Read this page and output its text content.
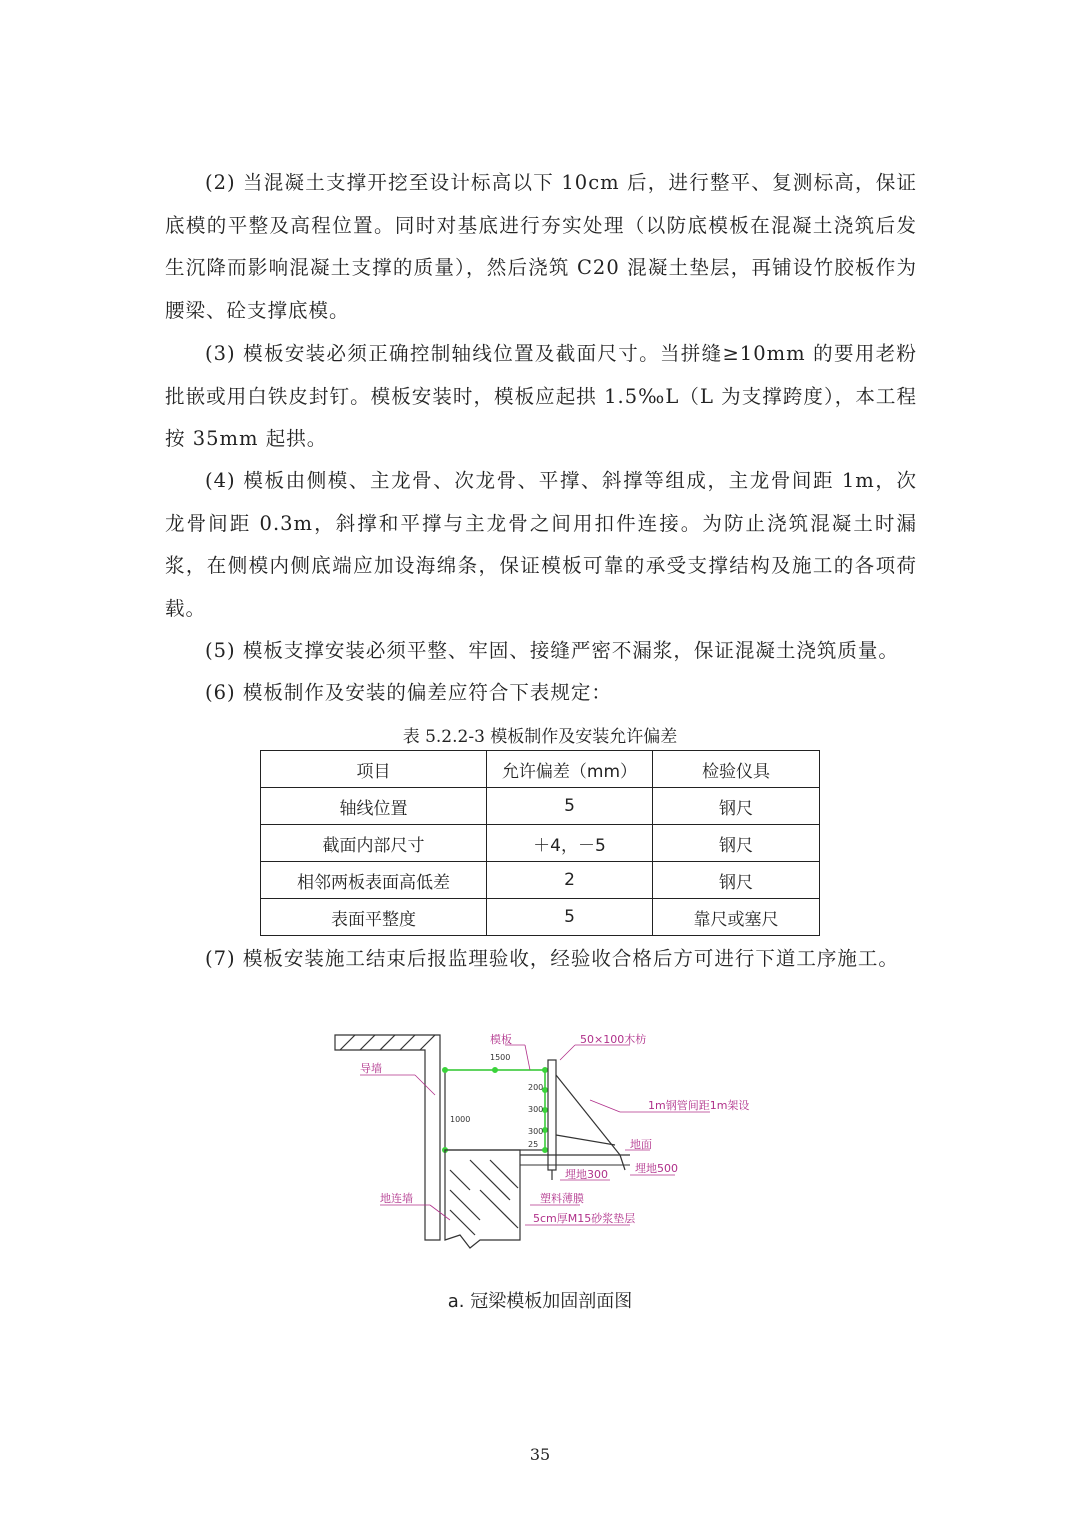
(2) 当混凝土支撑开挖至设计标高以下 10cm 后，进行整平、复测标高，保证底模的平整及高程位置。同时对基底进行夯实处理（以防底模板在混凝土浇筑后发生沉降而影响混凝土支撑的质量），然后浇筑 C20 混凝土垫层，再铺设竹胶板作为腰梁、砼支撑底模。
(3) 模板安装必须正确控制轴线位置及截面尺寸。当拼缝≥10mm 的要用老粉批嵌或用白铁皮封钉。模板安装时，模板应起拱 1.5‰L（L 为支撑跨度），本工程按 35mm 起拱。
(4) 模板由侧模、主龙骨、次龙骨、平撑、斜撑等组成，主龙骨间距 1m，次龙骨间距 0.3m，斜撑和平撑与主龙骨之间用扣件连接。为防止浇筑混凝土时漏浆，在侧模内侧底端应加设海绵条，保证模板可靠的承受支撑结构及施工的各项荷载。
(5) 模板支撑安装必须平整、牢固、接缝严密不漏浆，保证混凝土浇筑质量。
(6) 模板制作及安装的偏差应符合下表规定：
表 5.2.2-3 模板制作及安装允许偏差
项目	允许偏差（mm）	检验仪具
轴线位置	5	钢尺
截面内部尺寸	＋4，－5	钢尺
相邻两板表面高低差	2	钢尺
表面平整度	5	靠尺或塞尺
(7) 模板安装施工结束后报监理验收，经验收合格后方可进行下道工序施工。
模板
1500
50×100木枋
导墙
1m钢管间距1m架设
地面
埋地300 埋地500
塑料薄膜
5cm厚M15砂浆垫层
地连墙
1000
200
300
300
25
a. 冠梁模板加固剖面图
35
